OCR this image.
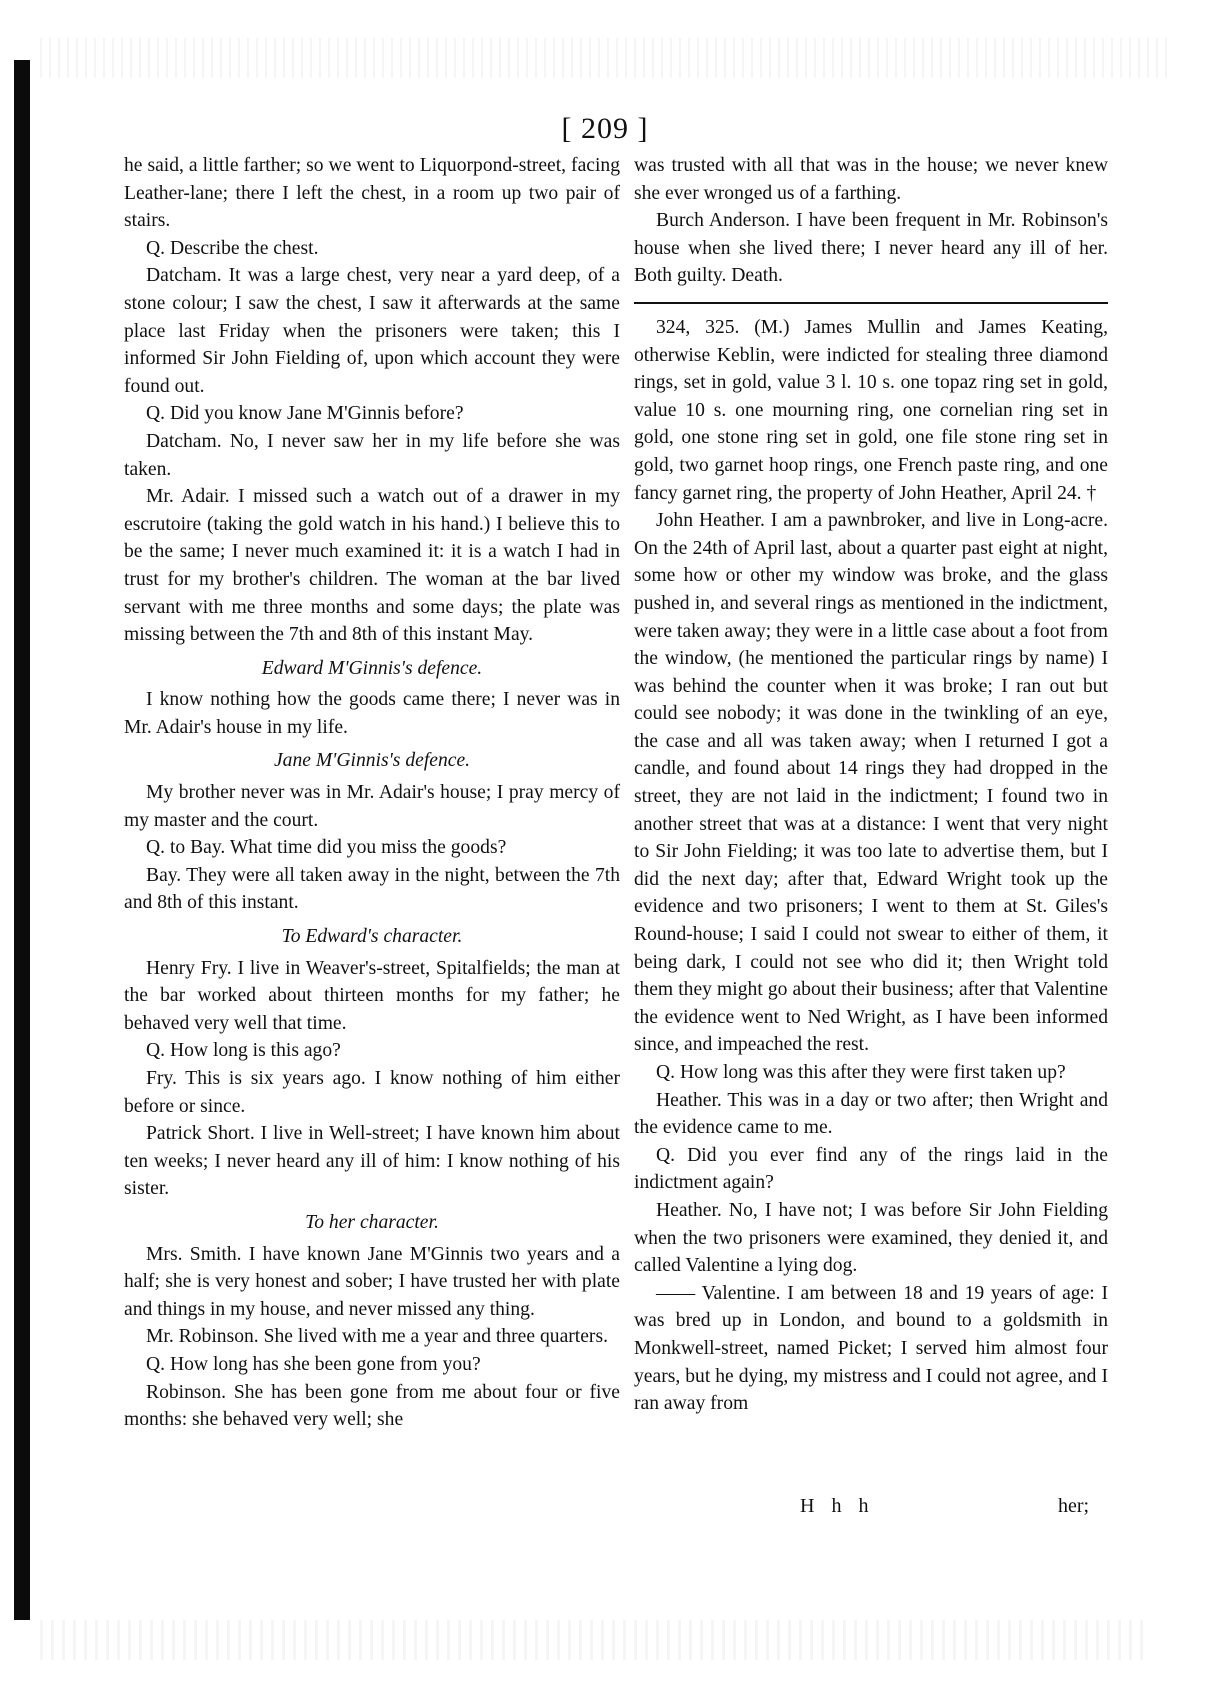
[ 209 ]

he said, a little farther; so we went to Liquorpond-street, facing Leather-lane; there I left the chest, in a room up two pair of stairs.

Q. Describe the chest.

Datcham. It was a large chest, very near a yard deep, of a stone colour; I saw the chest, I saw it afterwards at the same place last Friday when the prisoners were taken; this I informed Sir John Fielding of, upon which account they were found out.

Q. Did you know Jane M'Ginnis before?

Datcham. No, I never saw her in my life before she was taken.

Mr. Adair. I missed such a watch out of a drawer in my escrutoire (taking the gold watch in his hand.) I believe this to be the same; I never much examined it: it is a watch I had in trust for my brother's children. The woman at the bar lived servant with me three months and some days; the plate was missing between the 7th and 8th of this instant May.

Edward M'Ginnis's defence.

I know nothing how the goods came there; I never was in Mr. Adair's house in my life.

Jane M'Ginnis's defence.

My brother never was in Mr. Adair's house; I pray mercy of my master and the court.

Q. to Bay. What time did you miss the goods?

Bay. They were all taken away in the night, between the 7th and 8th of this instant.

To Edward's character.

Henry Fry. I live in Weaver's-street, Spitalfields; the man at the bar worked about thirteen months for my father; he behaved very well that time.

Q. How long is this ago?

Fry. This is six years ago. I know nothing of him either before or since.

Patrick Short. I live in Well-street; I have known him about ten weeks; I never heard any ill of him: I know nothing of his sister.

To her character.

Mrs. Smith. I have known Jane M'Ginnis two years and a half; she is very honest and sober; I have trusted her with plate and things in my house, and never missed any thing.

Mr. Robinson. She lived with me a year and three quarters.

Q. How long has she been gone from you?

Robinson. She has been gone from me about four or five months: she behaved very well; she

was trusted with all that was in the house; we never knew she ever wronged us of a farthing.

Burch Anderson. I have been frequent in Mr. Robinson's house when she lived there; I never heard any ill of her. Both guilty. Death.

324, 325. (M.) James Mullin and James Keating, otherwise Keblin, were indicted for stealing three diamond rings, set in gold, value 3 l. 10 s. one topaz ring set in gold, value 10 s. one mourning ring, one cornelian ring set in gold, one stone ring set in gold, one file stone ring set in gold, two garnet hoop rings, one French paste ring, and one fancy garnet ring, the property of John Heather, April 24. †

John Heather. I am a pawnbroker, and live in Long-acre. On the 24th of April last, about a quarter past eight at night, some how or other my window was broke, and the glass pushed in, and several rings as mentioned in the indictment, were taken away; they were in a little case about a foot from the window, (he mentioned the particular rings by name) I was behind the counter when it was broke; I ran out but could see nobody; it was done in the twinkling of an eye, the case and all was taken away; when I returned I got a candle, and found about 14 rings they had dropped in the street, they are not laid in the indictment; I found two in another street that was at a distance: I went that very night to Sir John Fielding; it was too late to advertise them, but I did the next day; after that, Edward Wright took up the evidence and two prisoners; I went to them at St. Giles's Round-house; I said I could not swear to either of them, it being dark, I could not see who did it; then Wright told them they might go about their business; after that Valentine the evidence went to Ned Wright, as I have been informed since, and impeached the rest.

Q. How long was this after they were first taken up?

Heather. This was in a day or two after; then Wright and the evidence came to me.

Q. Did you ever find any of the rings laid in the indictment again?

Heather. No, I have not; I was before Sir John Fielding when the two prisoners were examined, they denied it, and called Valentine a lying dog.

—— Valentine. I am between 18 and 19 years of age: I was bred up in London, and bound to a goldsmith in Monkwell-street, named Picket; I served him almost four years, but he dying, my mistress and I could not agree, and I ran away from

H h h	her;
